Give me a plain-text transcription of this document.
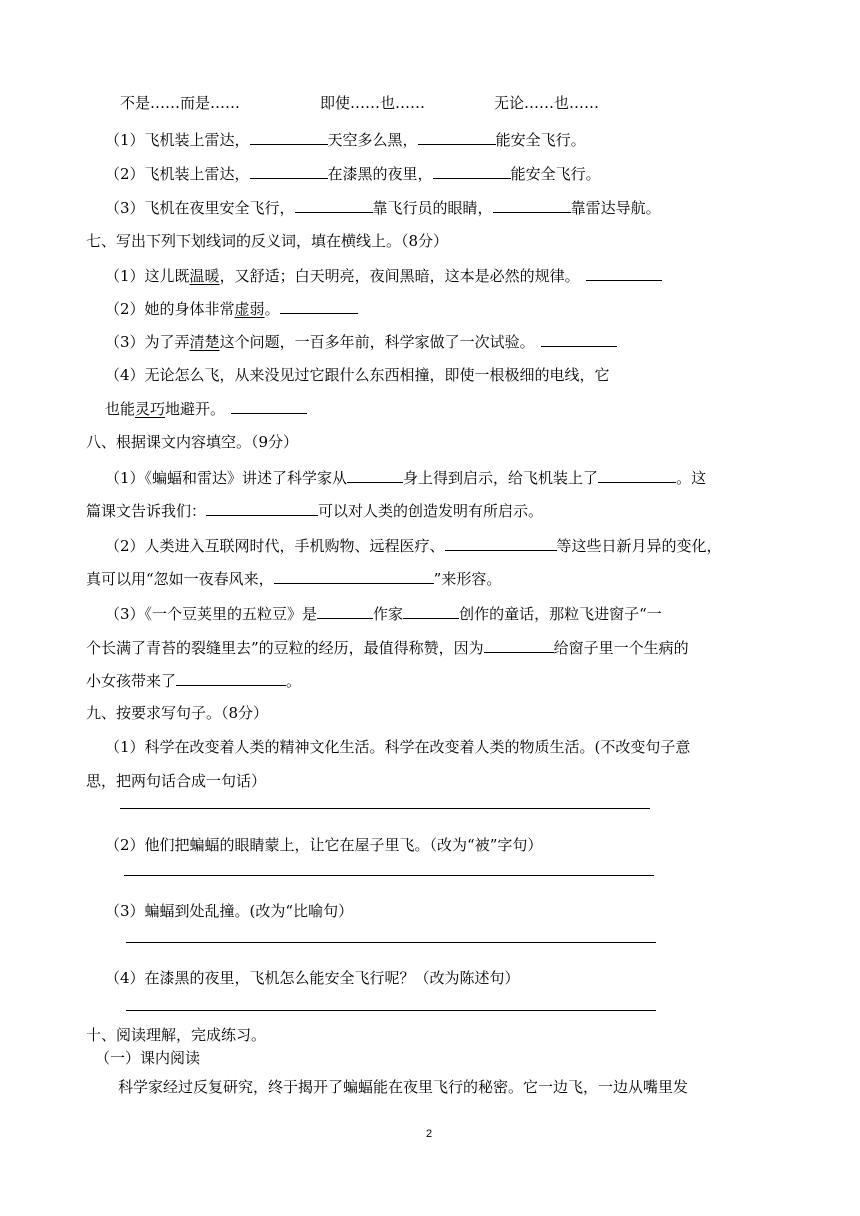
不是……而是……	即使……也……	无论……也……
（1）飞机装上雷达，	天空多么黑，	能安全飞行。
（2）飞机装上雷达，	在漆黑的夜里，	能安全飞行。
（3）飞机在夜里安全飞行，	靠飞行员的眼睛，	靠雷达导航。
七、写出下列下划线词的反义词，填在横线上。（8分）
（1）这儿既温暖，又舒适；白天明亮，夜间黑暗，这本是必然的规律。
（2）她的身体非常虚弱。
（3）为了弄清楚这个问题，一百多年前，科学家做了一次试验。
（4）无论怎么飞，从来没见过它跟什么东西相撞，即使一根极细的电线，它
也能灵巧地避开。
八、根据课文内容填空。（9分）
（1）《蝙蝠和雷达》讲述了科学家从	身上得到启示，给飞机装上了	。这
篇课文告诉我们：	可以对人类的创造发明有所启示。
（2）人类进入互联网时代，手机购物、远程医疗、	等这些日新月异的变化，
真可以用“忽如一夜春风来，	”来形容。
（3）《一个豆荚里的五粒豆》是	作家	创作的童话，那粒飞进窗子“一
个长满了青苔的裂缝里去”的豆粒的经历，最值得称赞，因为	给窗子里一个生病的
小女孩带来了	。
九、按要求写句子。（8分）
（1）科学在改变着人类的精神文化生活。科学在改变着人类的物质生活。(不改变句子意
思，把两句话合成一句话）
（2）他们把蝙蝠的眼睛蒙上，让它在屋子里飞。（改为“被”字句）
（3）蝙蝠到处乱撞。(改为“比喻句）
（4）在漆黑的夜里，飞机怎么能安全飞行呢？（改为陈述句）
十、阅读理解，完成练习。
（一）课内阅读
科学家经过反复研究，终于揭开了蝙蝠能在夜里飞行的秘密。它一边飞，一边从嘴里发
2
